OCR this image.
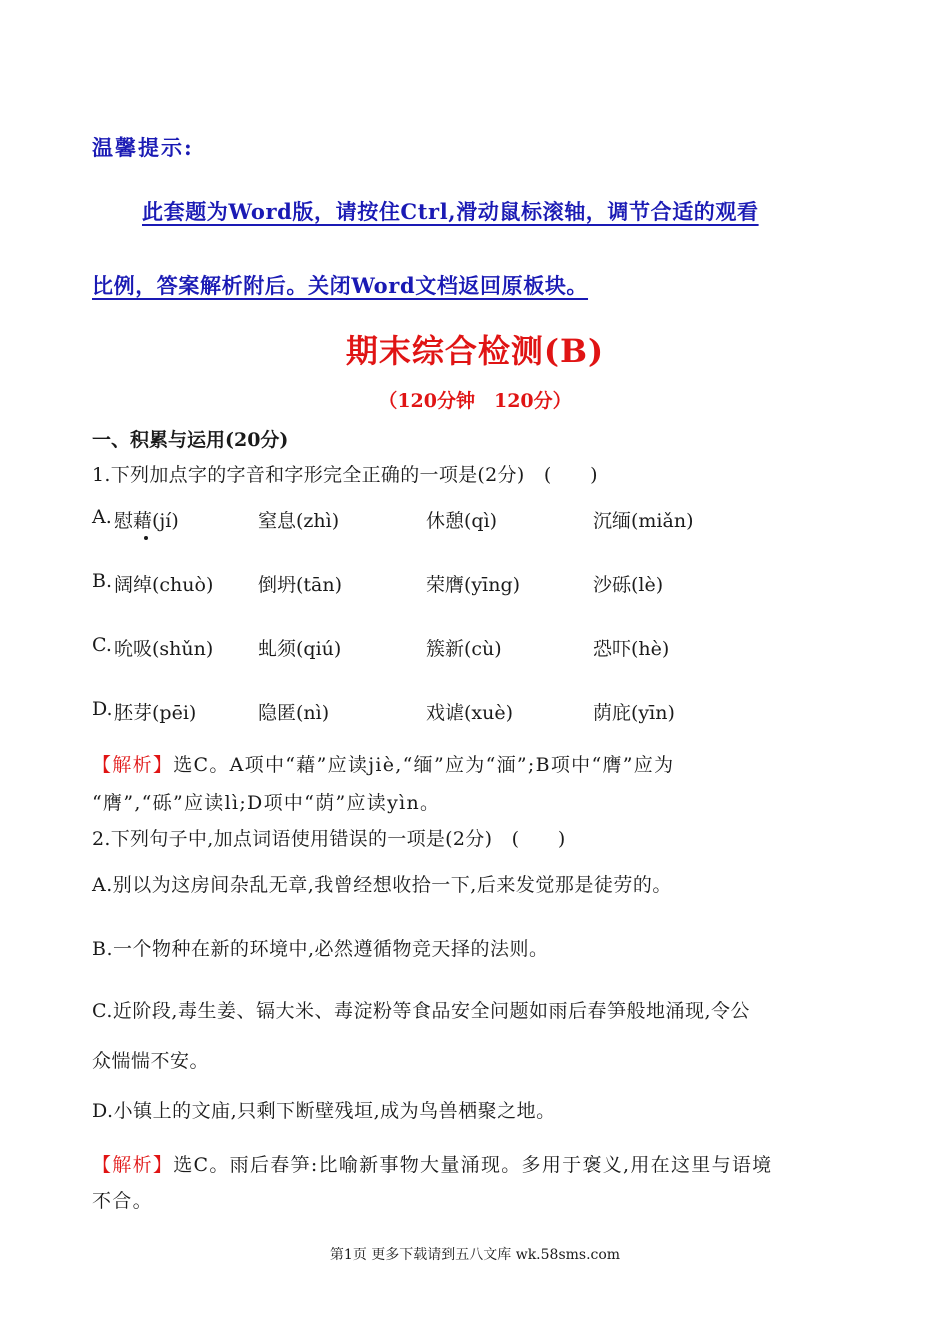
温馨提示:
此套题为Word版，请按住Ctrl,滑动鼠标滚轴，调节合适的观看
比例，答案解析附后。关闭Word文档返回原板块。
期末综合检测(B)
（120分钟　120分）
一、积累与运用(20分)
1.下列加点字的字音和字形完全正确的一项是(2分)　(　　)
A. 慰藉(jí)	窒息(zhì)	休憩(qì)	沉缅(miǎn)
B. 阔绰(chuò) 倒坍(tān)	荣膺(yīng)	沙砾(lè)
C. 吮吸(shǔn) 虬须(qiú)	簇新(cù)	恐吓(hè)
D. 胚芽(pēi)	隐匿(nì)	戏谑(xuè)	荫庇(yīn)
【解析】选C。A项中“藉”应读jiè,“缅”应为“湎”;B项中“膺”应为
“膺”,“砾”应读lì;D项中“荫”应读yìn。
2.下列句子中,加点词语使用错误的一项是(2分)　(　　)
A.别以为这房间杂乱无章,我曾经想收拾一下,后来发觉那是徒劳的。
B.一个物种在新的环境中,必然遵循物竞天择的法则。
C.近阶段,毒生姜、镉大米、毒淀粉等食品安全问题如雨后春笋般地涌现,令公
众惴惴不安。
D.小镇上的文庙,只剩下断壁残垣,成为鸟兽栖聚之地。
【解析】选C。雨后春笋:比喻新事物大量涌现。多用于褒义,用在这里与语境
不合。
第1页 更多下载请到五八文库 wk.58sms.com
